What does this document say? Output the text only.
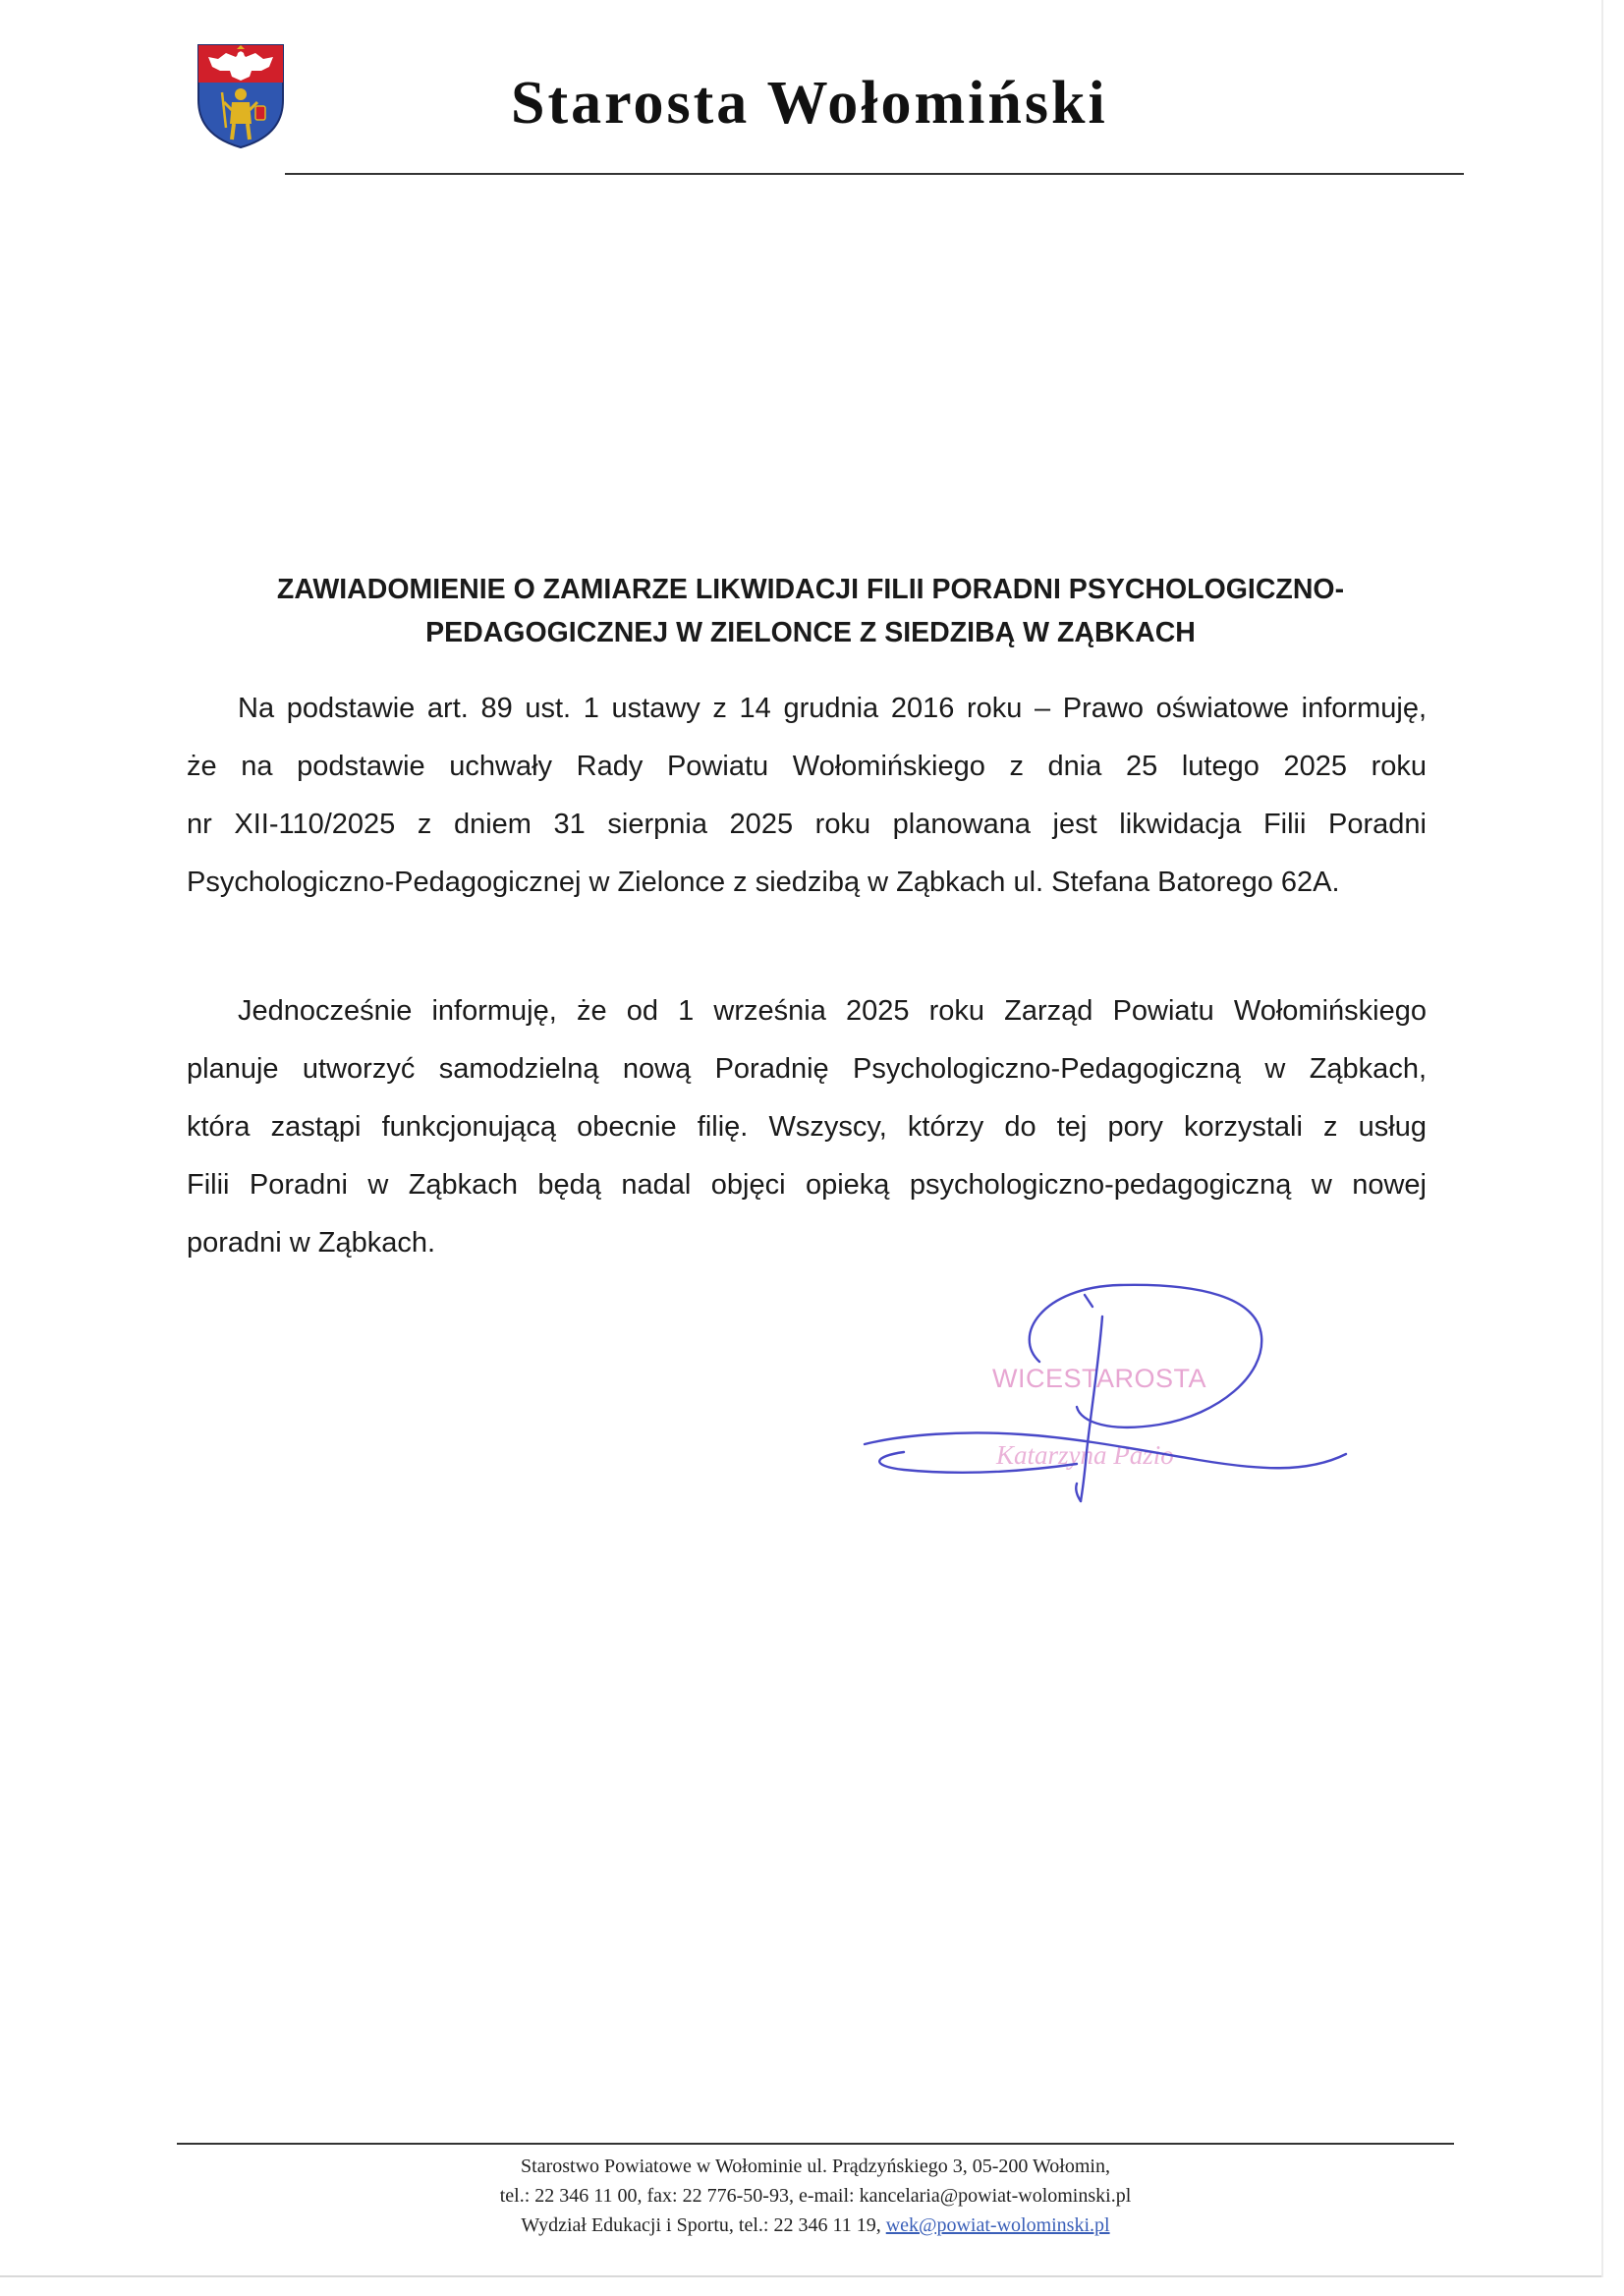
Starosta Wołomiński
ZAWIADOMIENIE O ZAMIARZE LIKWIDACJI FILII PORADNI PSYCHOLOGICZNO-
PEDAGOGICZNEJ W ZIELONCE Z SIEDZIBĄ W ZĄBKACH
Na podstawie art. 89 ust. 1 ustawy z 14 grudnia 2016 roku – Prawo oświatowe informuję,
że na podstawie uchwały Rady Powiatu Wołomińskiego z dnia 25 lutego 2025 roku
nr XII-110/2025 z dniem 31 sierpnia 2025 roku planowana jest likwidacja Filii Poradni
Psychologiczno-Pedagogicznej w Zielonce z siedzibą w Ząbkach ul. Stefana Batorego 62A.
Jednocześnie informuję, że od 1 września 2025 roku Zarząd Powiatu Wołomińskiego
planuje utworzyć samodzielną nową Poradnię Psychologiczno-Pedagogiczną w Ząbkach,
która zastąpi funkcjonującą obecnie filię. Wszyscy, którzy do tej pory korzystali z usług
Filii Poradni w Ząbkach będą nadal objęci opieką psychologiczno-pedagogiczną w nowej
poradni w Ząbkach.
WICESTAROSTA
Katarzyna Pazio
Starostwo Powiatowe w Wołominie ul. Prądzyńskiego 3, 05-200 Wołomin,
tel.: 22 346 11 00, fax: 22 776-50-93, e-mail: kancelaria@powiat-wolominski.pl
Wydział Edukacji i Sportu, tel.: 22 346 11 19, wek@powiat-wolominski.pl
